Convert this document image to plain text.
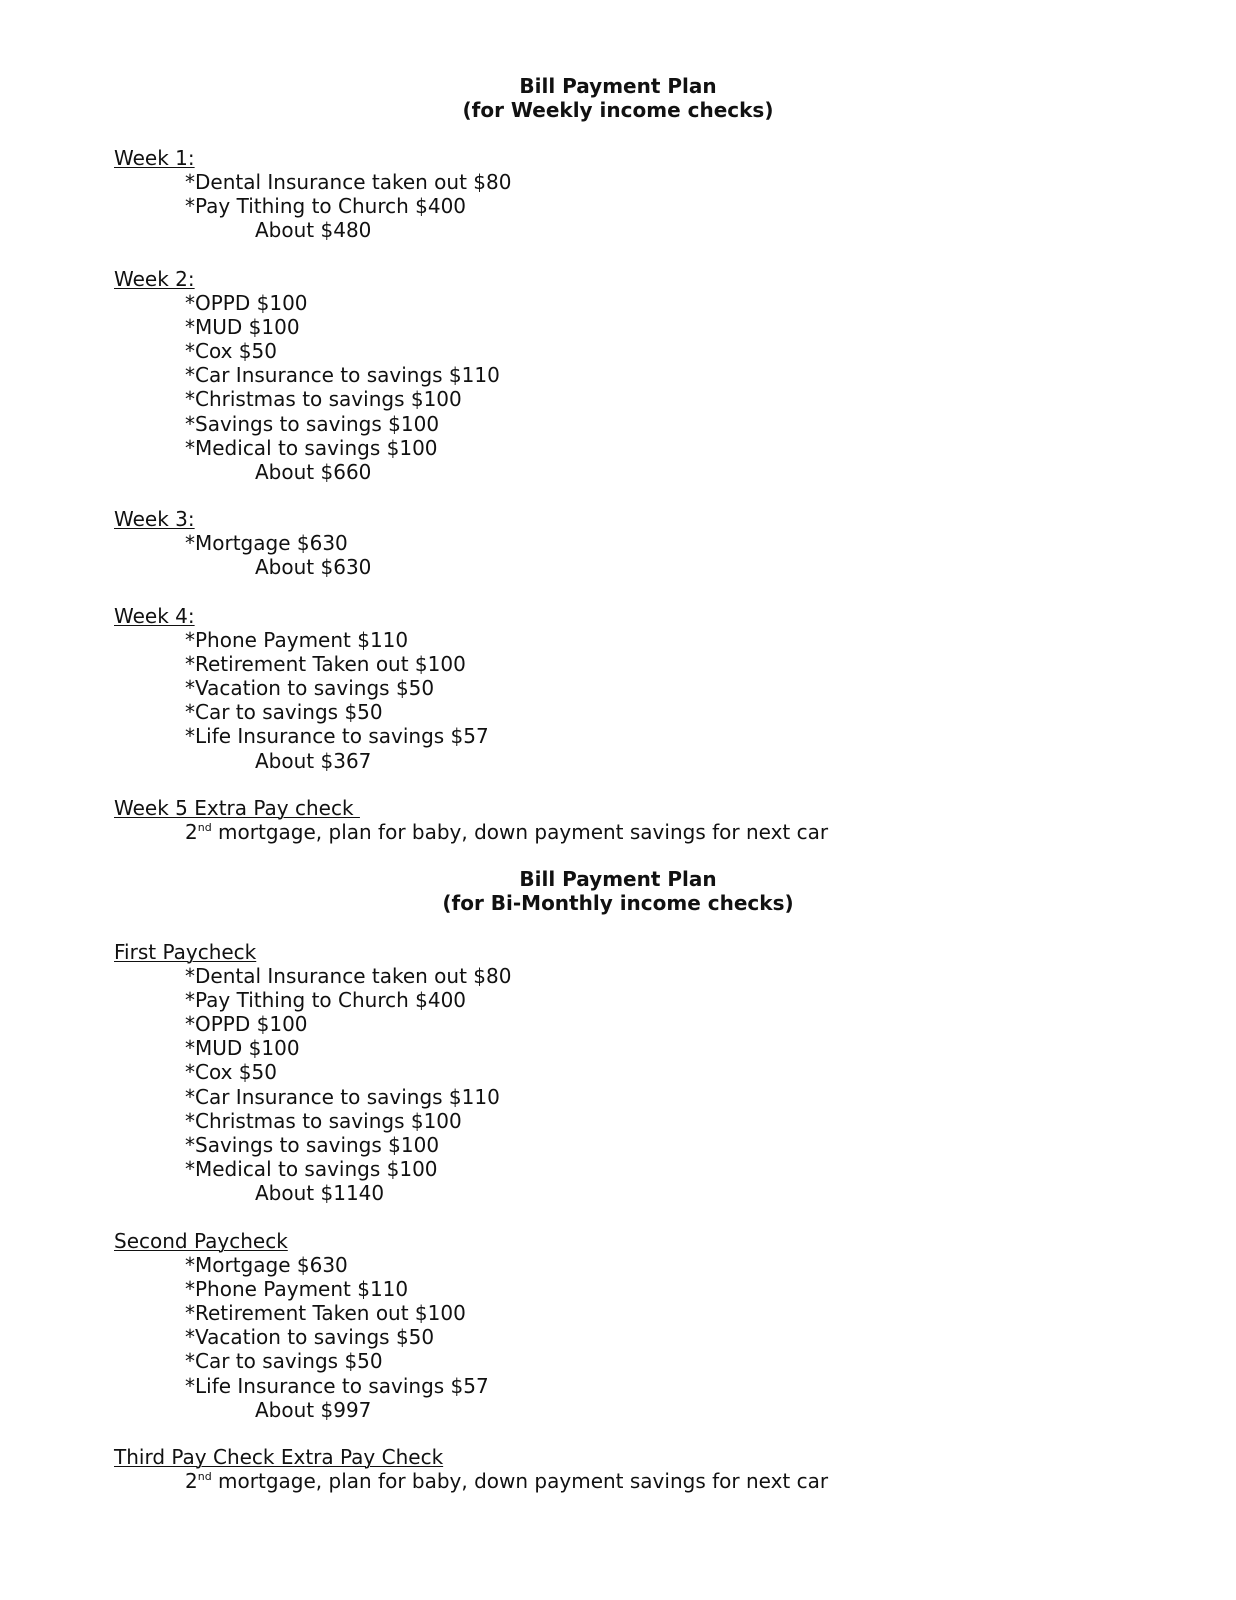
Bill Payment Plan
(for Weekly income checks)
Week 1:
*Dental Insurance taken out $80
*Pay Tithing to Church $400
About $480
Week 2:
*OPPD $100
*MUD $100
*Cox $50
*Car Insurance to savings $110
*Christmas to savings $100
*Savings to savings $100
*Medical to savings $100
About $660
Week 3:
*Mortgage $630
About $630
Week 4:
*Phone Payment $110
*Retirement Taken out $100
*Vacation to savings $50
*Car to savings $50
*Life Insurance to savings $57
About $367
Week 5 Extra Pay check
2nd mortgage, plan for baby, down payment savings for next car
Bill Payment Plan
(for Bi-Monthly income checks)
First Paycheck
*Dental Insurance taken out $80
*Pay Tithing to Church $400
*OPPD $100
*MUD $100
*Cox $50
*Car Insurance to savings $110
*Christmas to savings $100
*Savings to savings $100
*Medical to savings $100
About $1140
Second Paycheck
*Mortgage $630
*Phone Payment $110
*Retirement Taken out $100
*Vacation to savings $50
*Car to savings $50
*Life Insurance to savings $57
About $997
Third Pay Check Extra Pay Check
2nd mortgage, plan for baby, down payment savings for next car
